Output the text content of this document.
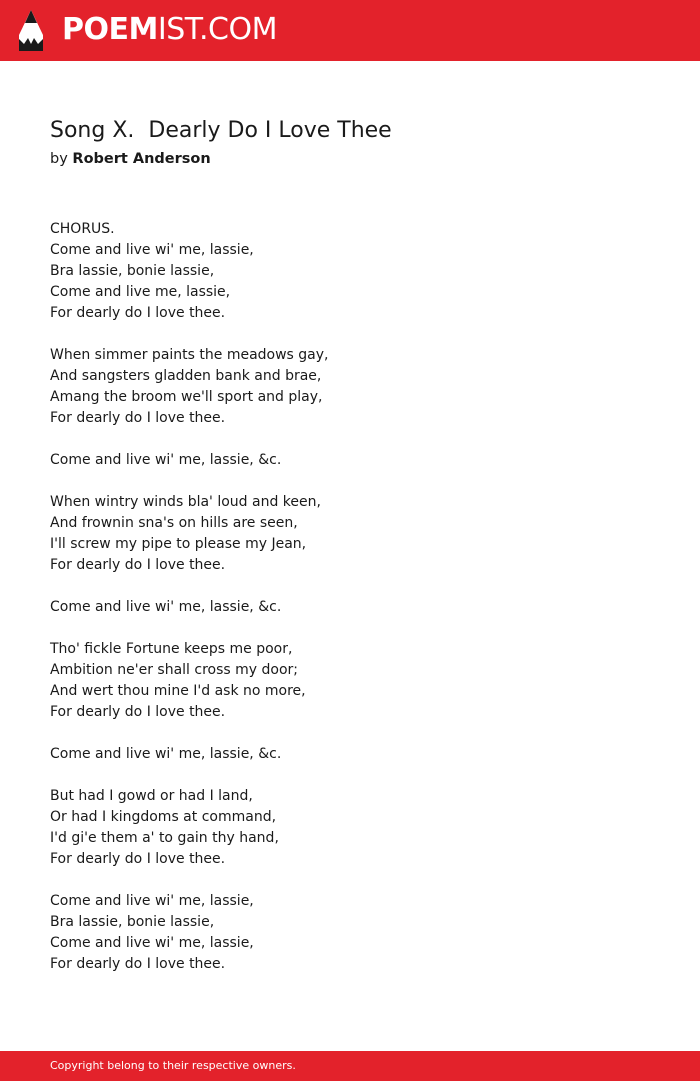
POEMIST.COM
Song X.  Dearly Do I Love Thee
by Robert Anderson
CHORUS.
Come and live wi' me, lassie,
Bra lassie, bonie lassie,
Come and live me, lassie,
For dearly do I love thee.
When simmer paints the meadows gay,
And sangsters gladden bank and brae,
Amang the broom we'll sport and play,
For dearly do I love thee.
Come and live wi' me, lassie, &c.
When wintry winds bla' loud and keen,
And frownin sna's on hills are seen,
I'll screw my pipe to please my Jean,
For dearly do I love thee.
Come and live wi' me, lassie, &c.
Tho' fickle Fortune keeps me poor,
Ambition ne'er shall cross my door;
And wert thou mine I'd ask no more,
For dearly do I love thee.
Come and live wi' me, lassie, &c.
But had I gowd or had I land,
Or had I kingdoms at command,
I'd gi'e them a' to gain thy hand,
For dearly do I love thee.
Come and live wi' me, lassie,
Bra lassie, bonie lassie,
Come and live wi' me, lassie,
For dearly do I love thee.
Copyright belong to their respective owners.
